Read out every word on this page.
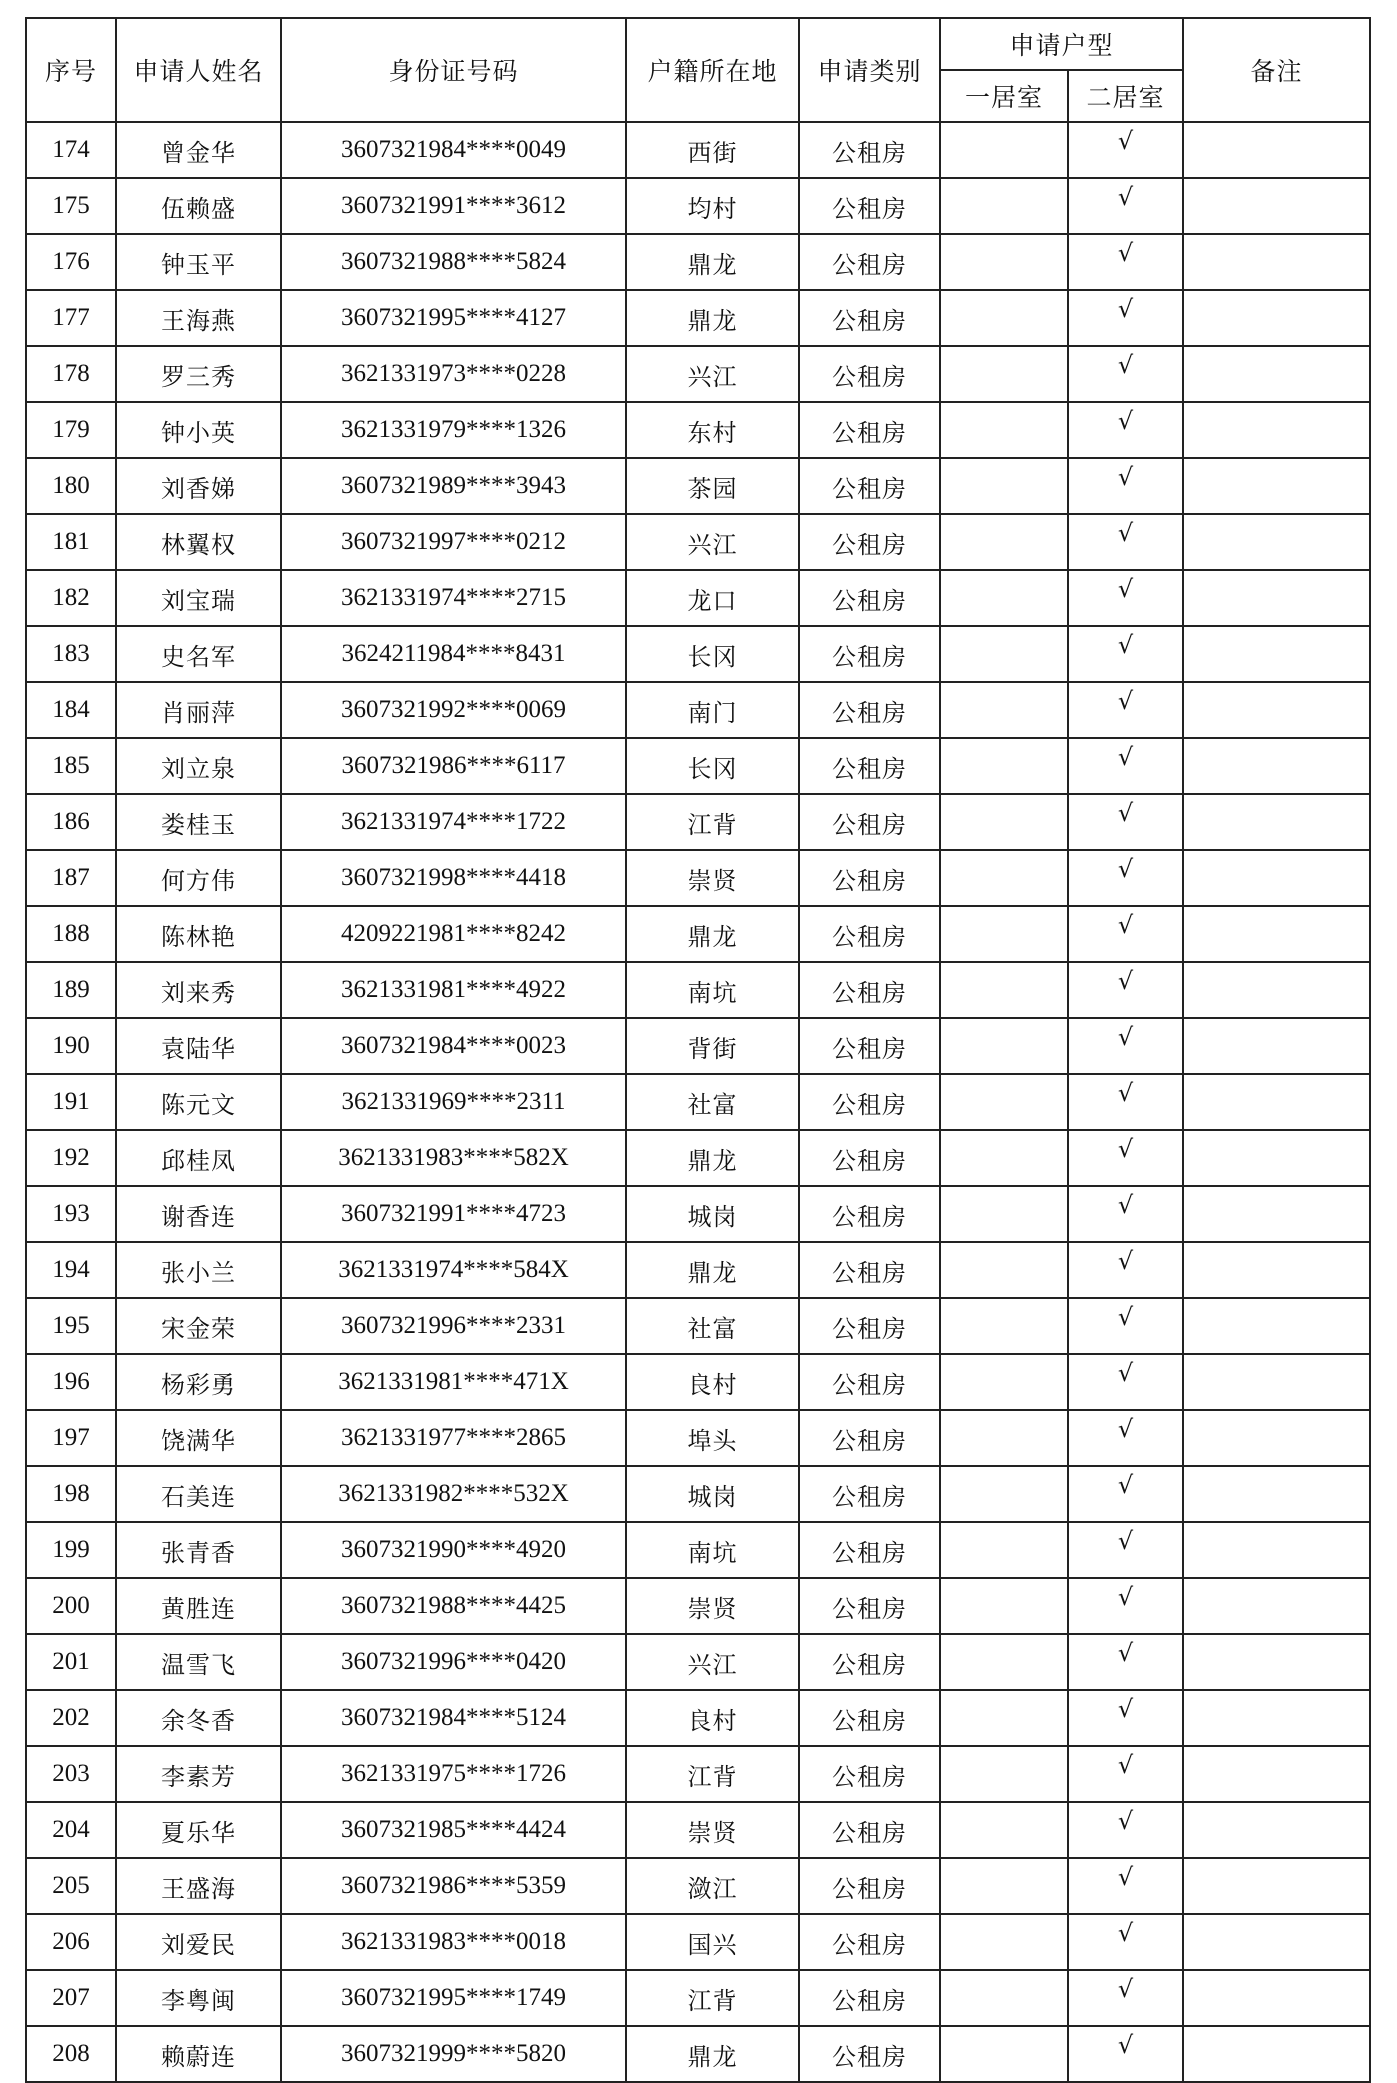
序号	申请人姓名	身份证号码	户籍所在地	申请类别	申请户型		备注
					一居室	二居室	
174	曾金华	3607321984****0049	西街	公租房		√	
175	伍赖盛	3607321991****3612	均村	公租房		√	
176	钟玉平	3607321988****5824	鼎龙	公租房		√	
177	王海燕	3607321995****4127	鼎龙	公租房		√	
178	罗三秀	3621331973****0228	兴江	公租房		√	
179	钟小英	3621331979****1326	东村	公租房		√	
180	刘香娣	3607321989****3943	茶园	公租房		√	
181	林翼权	3607321997****0212	兴江	公租房		√	
182	刘宝瑞	3621331974****2715	龙口	公租房		√	
183	史名军	3624211984****8431	长冈	公租房		√	
184	肖丽萍	3607321992****0069	南门	公租房		√	
185	刘立泉	3607321986****6117	长冈	公租房		√	
186	娄桂玉	3621331974****1722	江背	公租房		√	
187	何方伟	3607321998****4418	崇贤	公租房		√	
188	陈林艳	4209221981****8242	鼎龙	公租房		√	
189	刘来秀	3621331981****4922	南坑	公租房		√	
190	袁陆华	3607321984****0023	背街	公租房		√	
191	陈元文	3621331969****2311	社富	公租房		√	
192	邱桂凤	3621331983****582X	鼎龙	公租房		√	
193	谢香连	3607321991****4723	城岗	公租房		√	
194	张小兰	3621331974****584X	鼎龙	公租房		√	
195	宋金荣	3607321996****2331	社富	公租房		√	
196	杨彩勇	3621331981****471X	良村	公租房		√	
197	饶满华	3621331977****2865	埠头	公租房		√	
198	石美连	3621331982****532X	城岗	公租房		√	
199	张青香	3607321990****4920	南坑	公租房		√	
200	黄胜连	3607321988****4425	崇贤	公租房		√	
201	温雪飞	3607321996****0420	兴江	公租房		√	
202	余冬香	3607321984****5124	良村	公租房		√	
203	李素芳	3621331975****1726	江背	公租房		√	
204	夏乐华	3607321985****4424	崇贤	公租房		√	
205	王盛海	3607321986****5359	潋江	公租房		√	
206	刘爱民	3621331983****0018	国兴	公租房		√	
207	李粤闽	3607321995****1749	江背	公租房		√	
208	赖蔚连	3607321999****5820	鼎龙	公租房		√	
